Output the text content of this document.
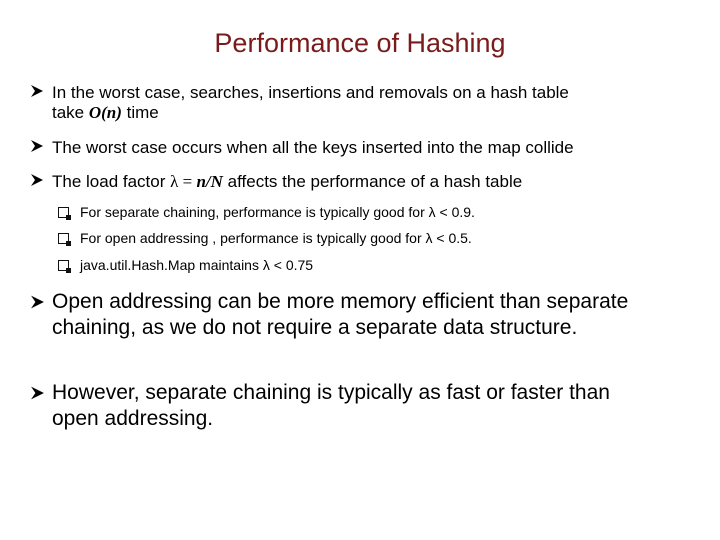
Performance of Hashing
In the worst case, searches, insertions and removals on a hash table
take O(n) time
The worst case occurs when all the keys inserted into the map collide
The load factor λ = n/N affects the performance of a hash table
For separate chaining, performance is typically good for λ < 0.9.
For open addressing , performance is typically good for λ < 0.5.
java.util.Hash.Map maintains λ < 0.75
Open addressing can be more memory efficient than separate chaining, as we do not require a separate data structure.
However, separate chaining is typically as fast or faster than open addressing.
